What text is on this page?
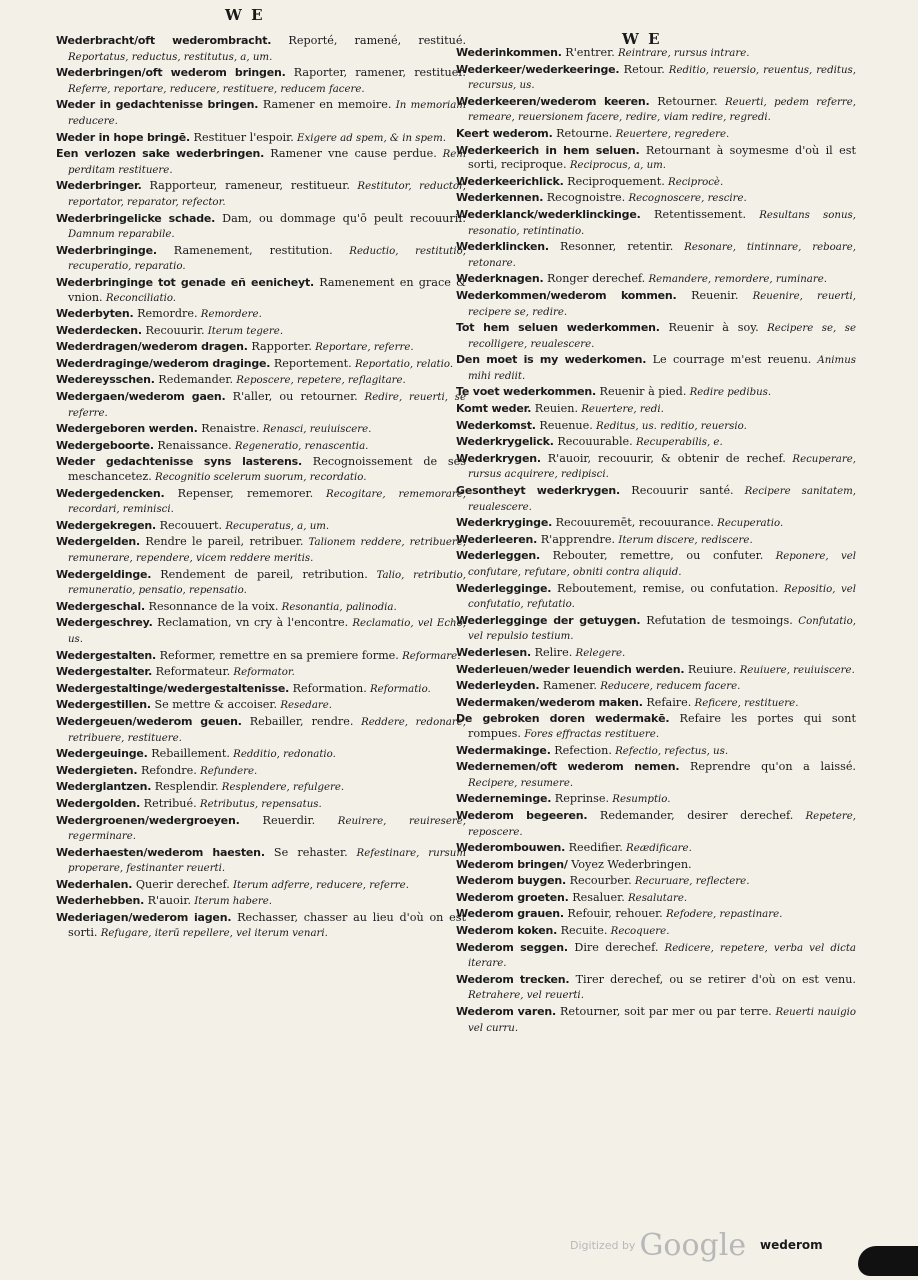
W E
W E
Wederbracht/oft wederombracht. Reporté, ramené, restitué. Reportatus, reductus, restitutus, a, um.
Wederbringen/oft wederom bringen. Raporter, ramener, restituer. Referre, reportare, reducere, restituere, reducem facere.
Weder in gedachtenisse bringen. Ramener en memoire. In memoriam reducere.
Weder in hope bringē. Restituer l'espoir. Exigere ad spem, & in spem.
Een verlozen sake wederbringen. Ramener vne cause perdue. Rem perditam restituere.
Wederbringer. Rapporteur, rameneur, restitueur. Restitutor, reductor, reportator, reparator, refector.
Wederbringelicke schade. Dam, ou dommage qu'ō peult recouurir. Damnum reparabile.
Wederbringinge. Ramenement, restitution. Reductio, restitutio, recuperatio, reparatio.
Wederbringinge tot genade eñ eenicheyt. Ramenement en grace & vnion. Reconciliatio.
Wederbyten. Remordre. Remordere.
Wederdecken. Recouurir. Iterum tegere.
Wederdragen/wederom dragen. Rapporter. Reportare, referre.
Wederdraginge/wederom draginge. Reportement. Reportatio, relatio.
Wedereysschen. Redemander. Reposcere, repetere, reflagitare.
Wedergaen/wederom gaen. R'aller, ou retourner. Redire, reuerti, se referre.
Wedergeboren werden. Renaistre. Renasci, reuiuiscere.
Wedergeboorte. Renaissance. Regeneratio, renascentia.
Weder gedachtenisse syns lasterens. Recognoissement de ses meschancetez. Recognitio scelerum suorum, recordatio.
Wedergedencken. Repenser, rememorer. Recogitare, rememorare, recordari, reminisci.
Wedergekregen. Recouuert. Recuperatus, a, um.
Wedergelden. Rendre le pareil, retribuer. Talionem reddere, retribuere, remunerare, rependere, vicem reddere meritis.
Wedergeldinge. Rendement de pareil, retribution. Talio, retributio, remuneratio, pensatio, repensatio.
Wedergeschal. Resonnance de la voix. Resonantia, palinodia.
Wedergeschrey. Reclamation, vn cry à l'encontre. Reclamatio, vel Echo, us.
Wedergestalten. Reformer, remettre en sa premiere forme. Reformare.
Wedergestalter. Reformateur. Reformator.
Wedergestaltinge/wedergestaltenisse. Reformation. Reformatio.
Wedergestillen. Se mettre & accoiser. Resedare.
Wedergeuen/wederom geuen. Rebailler, rendre. Reddere, redonare, retribuere, restituere.
Wedergeuinge. Rebaillement. Redditio, redonatio.
Wedergieten. Refondre. Refundere.
Wederglantzen. Resplendir. Resplendere, refulgere.
Wedergolden. Retribué. Retributus, repensatus.
Wedergroenen/wedergroeyen. Reuerdir. Reuirere, reuiresere, regerminare.
Wederhaesten/wederom haesten. Se rehaster. Refestinare, rursum properare, festinanter reuerti.
Wederhalen. Querir derechef. Iterum adferre, reducere, referre.
Wederhebben. R'auoir. Iterum habere.
Wederiagen/wederom iagen. Rechasser, chasser au lieu d'où on est sorti. Refugare, iterū repellere, vel iterum venari.
Wederinkommen. R'entrer. Reintrare, rursus intrare.
Wederkeer/wederkeeringe. Retour. Reditio, reuersio, reuentus, reditus, recursus, us.
Wederkeeren/wederom keeren. Retourner. Reuerti, pedem referre, remeare, reuersionem facere, redire, viam redire, regredi.
Keert wederom. Retourne. Reuertere, regredere.
Wederkeerich in hem seluen. Retournant à soymesme d'où il est sorti, reciproque. Reciprocus, a, um.
Wederkeerichlick. Reciproquement. Reciprocè.
Wederkennen. Recognoistre. Recognoscere, rescire.
Wederklanck/wederklinckinge. Retentissement. Resultans sonus, resonatio, retintinatio.
Wederklincken. Resonner, retentir. Resonare, tintinnare, reboare, retonare.
Wederknagen. Ronger derechef. Remandere, remordere, ruminare.
Wederkommen/wederom kommen. Reuenir. Reuenire, reuerti, recipere se, redire.
Tot hem seluen wederkommen. Reuenir à soy. Recipere se, se recolligere, reualescere.
Den moet is my wederkomen. Le courrage m'est reuenu. Animus mihi rediit.
Te voet wederkommen. Reuenir à pied. Redire pedibus.
Komt weder. Reuien. Reuertere, redi.
Wederkomst. Reuenue. Reditus, us. reditio, reuersio.
Wederkrygelick. Recouurable. Recuperabilis, e.
Wederkrygen. R'auoir, recouurir, & obtenir de rechef. Recuperare, rursus acquirere, redipisci.
Gesontheyt wederkrygen. Recouurir santé. Recipere sanitatem, reualescere.
Wederkryginge. Recouuremēt, recouurance. Recuperatio.
Wederleeren. R'apprendre. Iterum discere, rediscere.
Wederleggen. Rebouter, remettre, ou confuter. Reponere, vel confutare, refutare, obniti contra aliquid.
Wederlegginge. Reboutement, remise, ou confutation. Repositio, vel confutatio, refutatio.
Wederlegginge der getuygen. Refutation de tesmoings. Confutatio, vel repulsio testium.
Wederlesen. Relire. Relegere.
Wederleuen/weder leuendich werden. Reuiure. Reuiuere, reuiuiscere.
Wederleyden. Ramener. Reducere, reducem facere.
Wedermaken/wederom maken. Refaire. Reficere, restituere.
De gebroken doren wedermakē. Refaire les portes qui sont rompues. Fores effractas restituere.
Wedermakinge. Refection. Refectio, refectus, us.
Wedernemen/oft wederom nemen. Reprendre qu'on a laissé. Recipere, resumere.
Wederneminge. Reprinse. Resumptio.
Wederom begeeren. Redemander, desirer derechef. Repetere, reposcere.
Wederombouwen. Reedifier. Reædificare.
Wederom bringen/ Voyez Wederbringen.
Wederom buygen. Recourber. Recuruare, reflectere.
Wederom groeten. Resaluer. Resalutare.
Wederom grauen. Refouir, rehouer. Refodere, repastinare.
Wederom koken. Recuite. Recoquere.
Wederom seggen. Dire derechef. Redicere, repetere, verba vel dicta iterare.
Wederom trecken. Tirer derechef, ou se retirer d'où on est venu. Retrahere, vel reuerti.
Wederom varen. Retourner, soit par mer ou par terre. Reuerti nauigio vel curru.
$^{Digitized by}$ Google wederom
